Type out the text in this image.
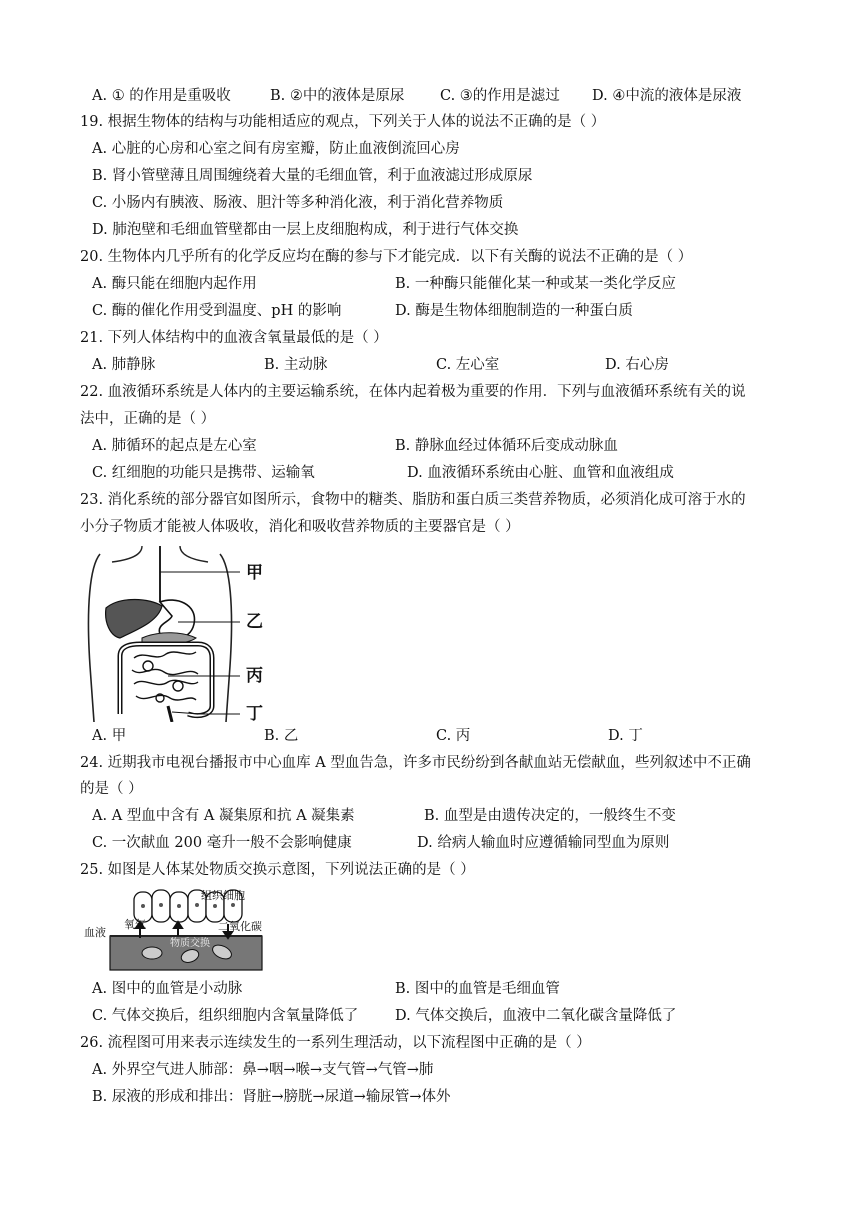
A. ① 的作用是重吸收	B. ②中的液体是原尿 C. ③的作用是滤过 D. ④中流的液体是尿液
19. 根据生物体的结构与功能相适应的观点，下列关于人体的说法不正确的是（ ）
A. 心脏的心房和心室之间有房室瓣，防止血液倒流回心房
B. 肾小管壁薄且周围缠绕着大量的毛细血管，利于血液滤过形成原尿
C. 小肠内有胰液、肠液、胆汁等多种消化液，利于消化营养物质
D. 肺泡壁和毛细血管壁都由一层上皮细胞构成，利于进行气体交换
20. 生物体内几乎所有的化学反应均在酶的参与下才能完成．以下有关酶的说法不正确的是（ ）
A. 酶只能在细胞内起作用	B. 一种酶只能催化某一种或某一类化学反应
C. 酶的催化作用受到温度、pH 的影响	D. 酶是生物体细胞制造的一种蛋白质
21. 下列人体结构中的血液含氧量最低的是（ ）
A. 肺静脉	B. 主动脉	C. 左心室	D. 右心房
22. 血液循环系统是人体内的主要运输系统，在体内起着极为重要的作用．下列与血液循环系统有关的说
法中，正确的是（ ）
A. 肺循环的起点是左心室	B. 静脉血经过体循环后变成动脉血
C. 红细胞的功能只是携带、运输氧	D. 血液循环系统由心脏、血管和血液组成
23. 消化系统的部分器官如图所示，食物中的糖类、脂肪和蛋白质三类营养物质，必须消化成可溶于水的
小分子物质才能被人体吸收，消化和吸收营养物质的主要器官是（ ）
甲
乙
丙
丁
A. 甲	B. 乙	C. 丙	D. 丁
24. 近期我市电视台播报市中心血库 A 型血告急，许多市民纷纷到各献血站无偿献血，些列叙述中不正确
的是（ ）
A. A 型血中含有 A 凝集原和抗 A 凝集素	B. 血型是由遗传决定的，一般终生不变
C. 一次献血 200 毫升一般不会影响健康	D. 给病人输血时应遵循输同型血为原则
25. 如图是人体某处物质交换示意图，下列说法正确的是（ ）
组织细胞
血液
氧气	二氧化碳
物质交换
A. 图中的血管是小动脉	B. 图中的血管是毛细血管
C. 气体交换后，组织细胞内含氧量降低了	D. 气体交换后，血液中二氧化碳含量降低了
26. 流程图可用来表示连续发生的一系列生理活动，以下流程图中正确的是（ ）
A. 外界空气进人肺部：鼻→咽→喉→支气管→气管→肺
B. 尿液的形成和排出：肾脏→膀胱→尿道→输尿管→体外
